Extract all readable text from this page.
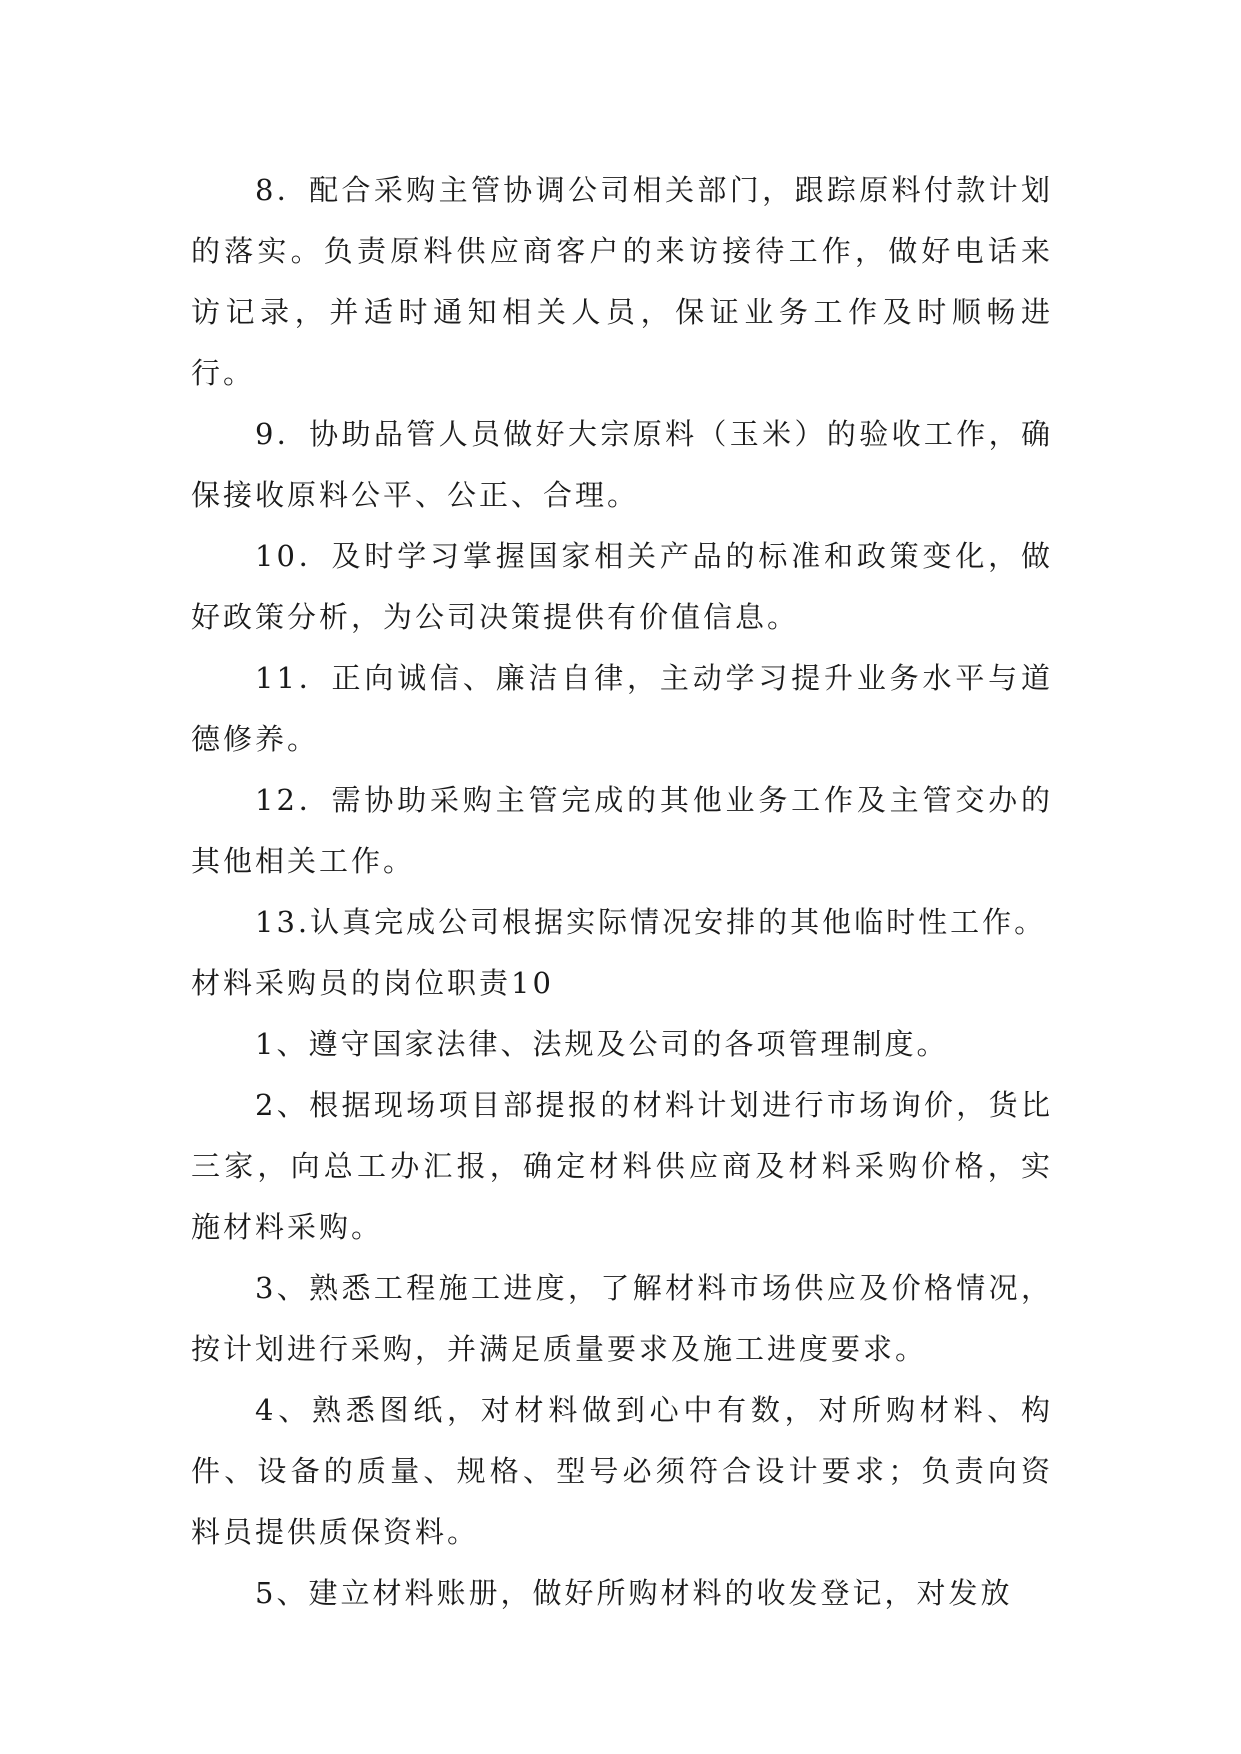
8．配合采购主管协调公司相关部门，跟踪原料付款计划的落实。负责原料供应商客户的来访接待工作，做好电话来访记录，并适时通知相关人员，保证业务工作及时顺畅进行。

9．协助品管人员做好大宗原料（玉米）的验收工作，确保接收原料公平、公正、合理。

10．及时学习掌握国家相关产品的标准和政策变化，做好政策分析，为公司决策提供有价值信息。

11．正向诚信、廉洁自律，主动学习提升业务水平与道德修养。

12．需协助采购主管完成的其他业务工作及主管交办的其他相关工作。

13.认真完成公司根据实际情况安排的其他临时性工作。

材料采购员的岗位职责10

1、遵守国家法律、法规及公司的各项管理制度。

2、根据现场项目部提报的材料计划进行市场询价，货比三家，向总工办汇报，确定材料供应商及材料采购价格，实施材料采购。

3、熟悉工程施工进度，了解材料市场供应及价格情况，按计划进行采购，并满足质量要求及施工进度要求。

4、熟悉图纸，对材料做到心中有数，对所购材料、构件、设备的质量、规格、型号必须符合设计要求；负责向资料员提供质保资料。

5、建立材料账册，做好所购材料的收发登记，对发放
